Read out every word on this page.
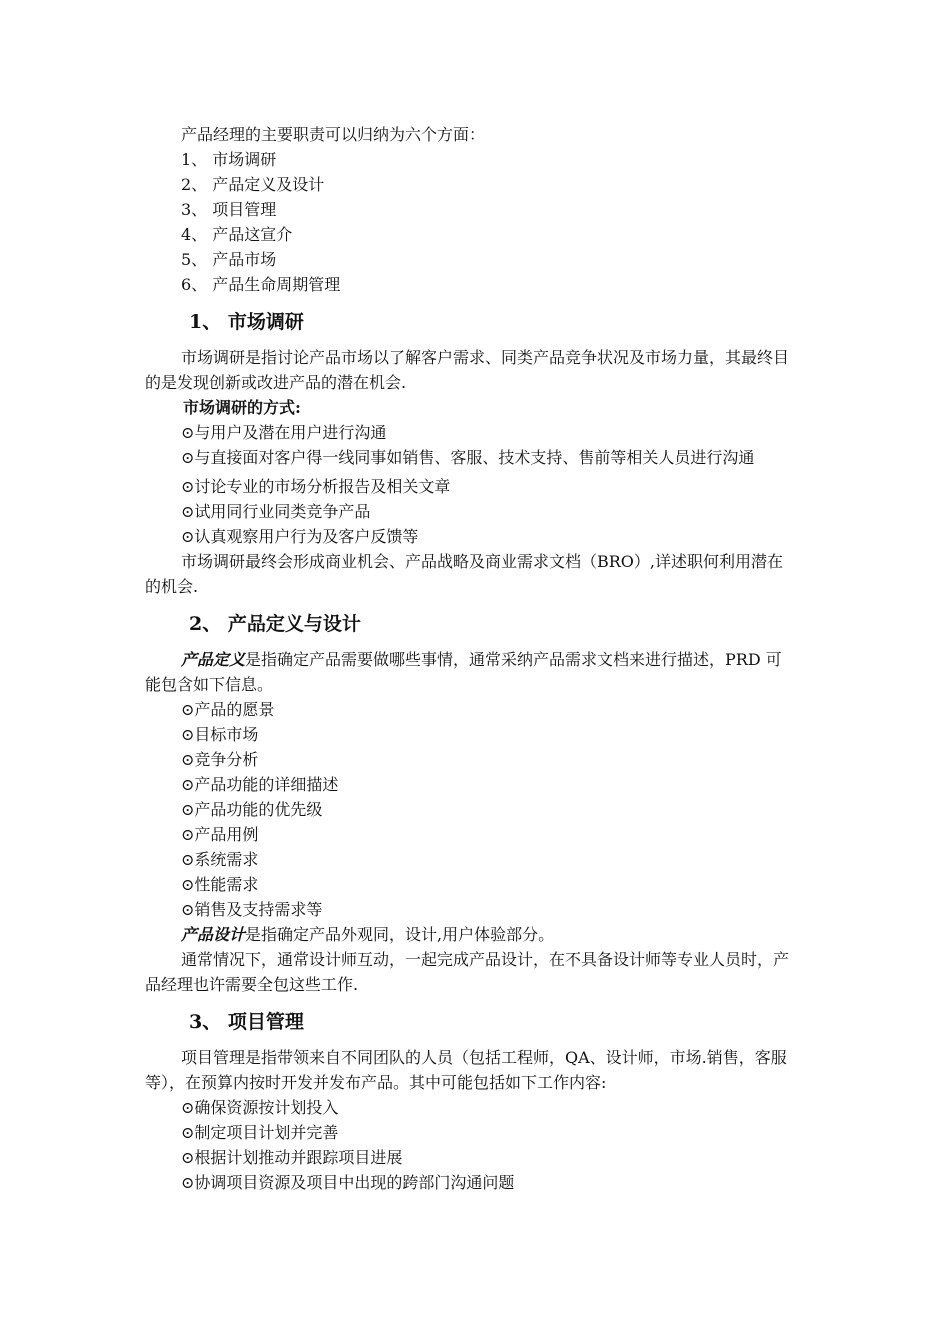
产品经理的主要职责可以归纳为六个方面：

1、 市场调研

2、 产品定义及设计

3、 项目管理

4、 产品这宣介

5、 产品市场

6、 产品生命周期管理

1、 市场调研

市场调研是指讨论产品市场以了解客户需求、同类产品竞争状况及市场力量，其最终目的是发现创新或改进产品的潜在机会.

市场调研的方式:

⊙与用户及潜在用户进行沟通

⊙与直接面对客户得一线同事如销售、客服、技术支持、售前等相关人员进行沟通

⊙讨论专业的市场分析报告及相关文章

⊙试用同行业同类竞争产品

⊙认真观察用户行为及客户反馈等

市场调研最终会形成商业机会、产品战略及商业需求文档（BRO）,详述职何利用潜在的机会.

2、 产品定义与设计

产品定义是指确定产品需要做哪些事情，通常采纳产品需求文档来进行描述，PRD 可能包含如下信息。

⊙产品的愿景

⊙目标市场

⊙竞争分析

⊙产品功能的详细描述

⊙产品功能的优先级

⊙产品用例

⊙系统需求

⊙性能需求

⊙销售及支持需求等

产品设计是指确定产品外观同，设计,用户体验部分。

通常情况下，通常设计师互动，一起完成产品设计，在不具备设计师等专业人员时，产品经理也许需要全包这些工作.

3、 项目管理

项目管理是指带领来自不同团队的人员（包括工程师，QA、设计师，市场.销售，客服等），在预算内按时开发并发布产品。其中可能包括如下工作内容:

⊙确保资源按计划投入

⊙制定项目计划并完善

⊙根据计划推动并跟踪项目进展

⊙协调项目资源及项目中出现的跨部门沟通问题
